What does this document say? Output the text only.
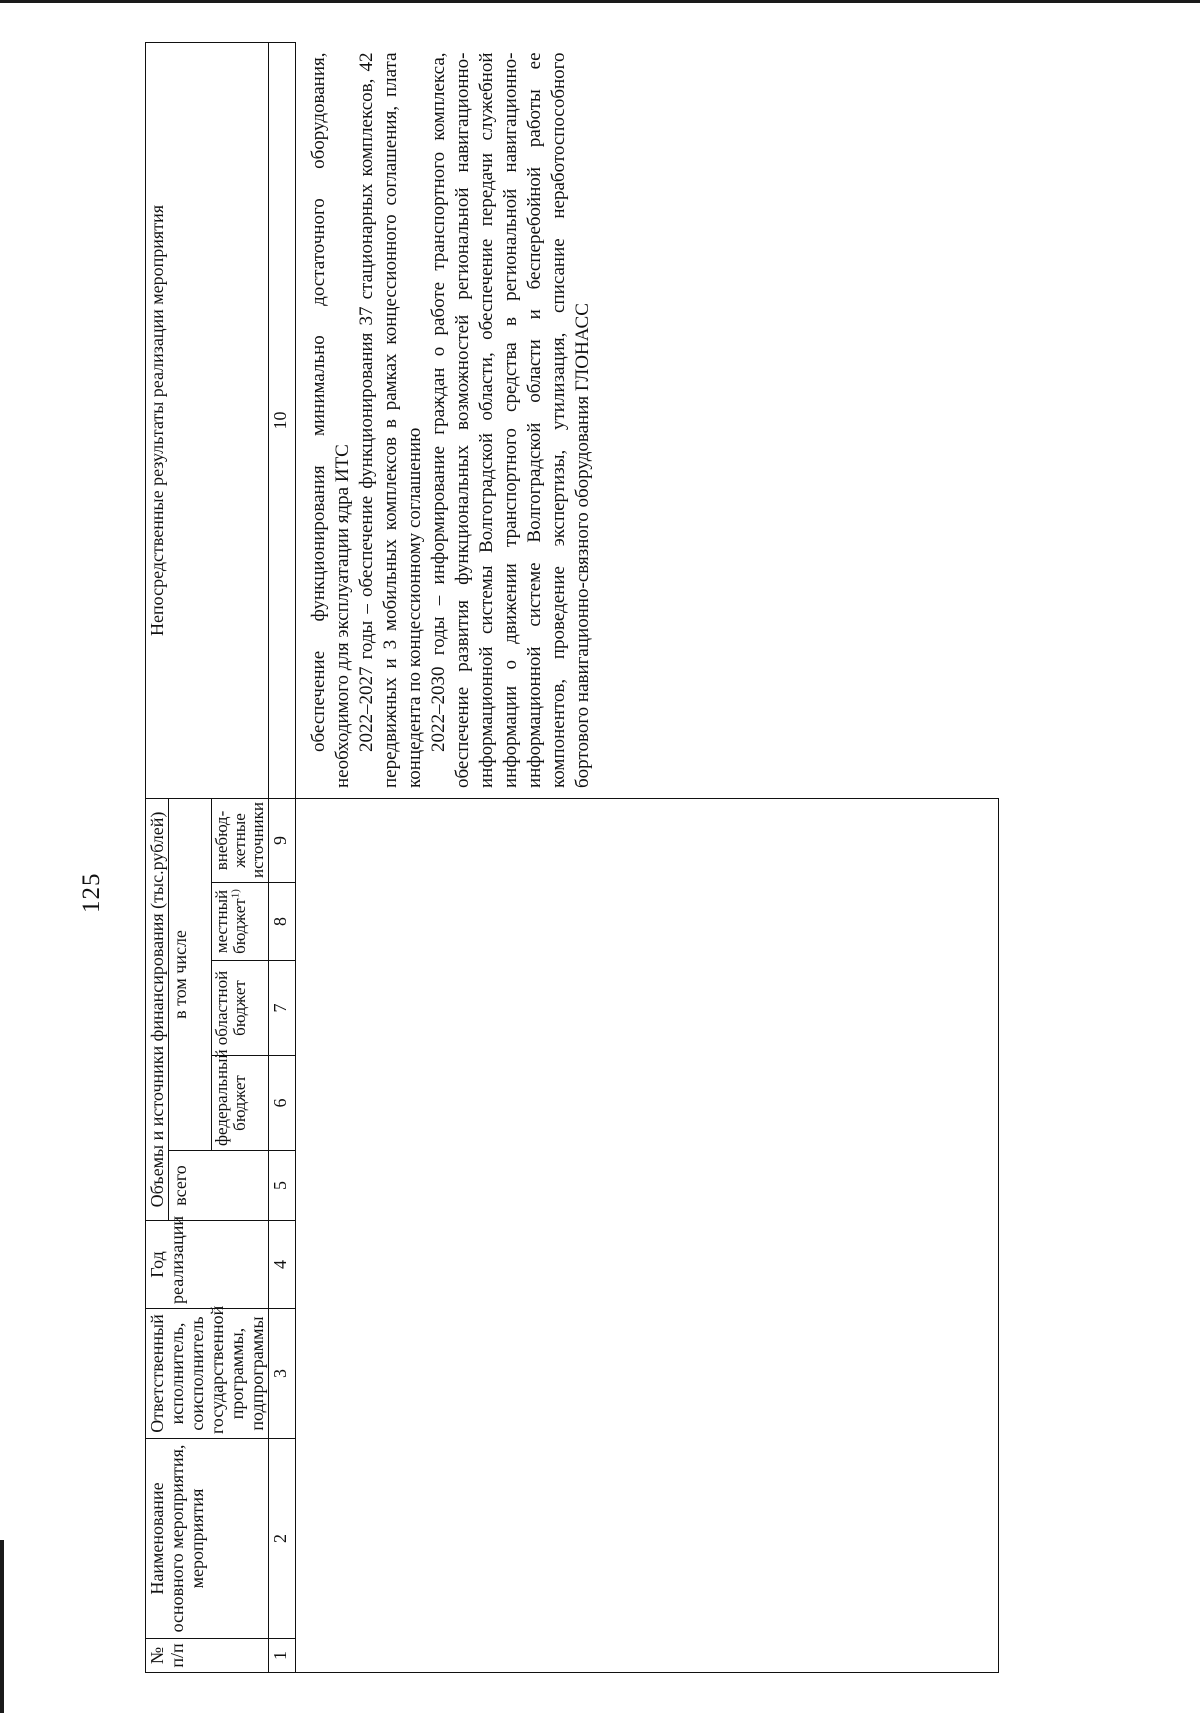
125
№ п/п	Наименование основного мероприятия, мероприятия	Ответственный исполнитель, соисполнитель государственной программы, подпрограммы	Год реализации	Объемы и источники финансирования (тыс.рублей)					Непосредственные результаты реализации мероприятия
				всего	в том числе				
					федеральный бюджет	областной бюджет	местный бюджет$^{1)}$	внебюд-жетные источники	
1	2	3	4	5	6	7	8	9	10

									обеспечение функционирования минимально достаточного оборудования, необходимого для эксплуатации ядра ИТС 2022–2027 годы – обеспечение функционирования 37 стационарных комплексов, 42 передвижных и 3 мобильных комплексов в рамках концессионного соглашения, плата концедента по концессионному соглашению 2022–2030 годы – информирование граждан о работе транспортного комплекса, обеспечение развития функциональных возможностей региональной навигационно-информационной системы Волгоградской области, обеспечение передачи служебной информации о движении транспортного средства в региональной навигационно-информационной системе Волгоградской области и бесперебойной работы ее компонентов, проведение экспертизы, утилизация, списание неработоспособного бортового навигационно-связного оборудования ГЛОНАСС
